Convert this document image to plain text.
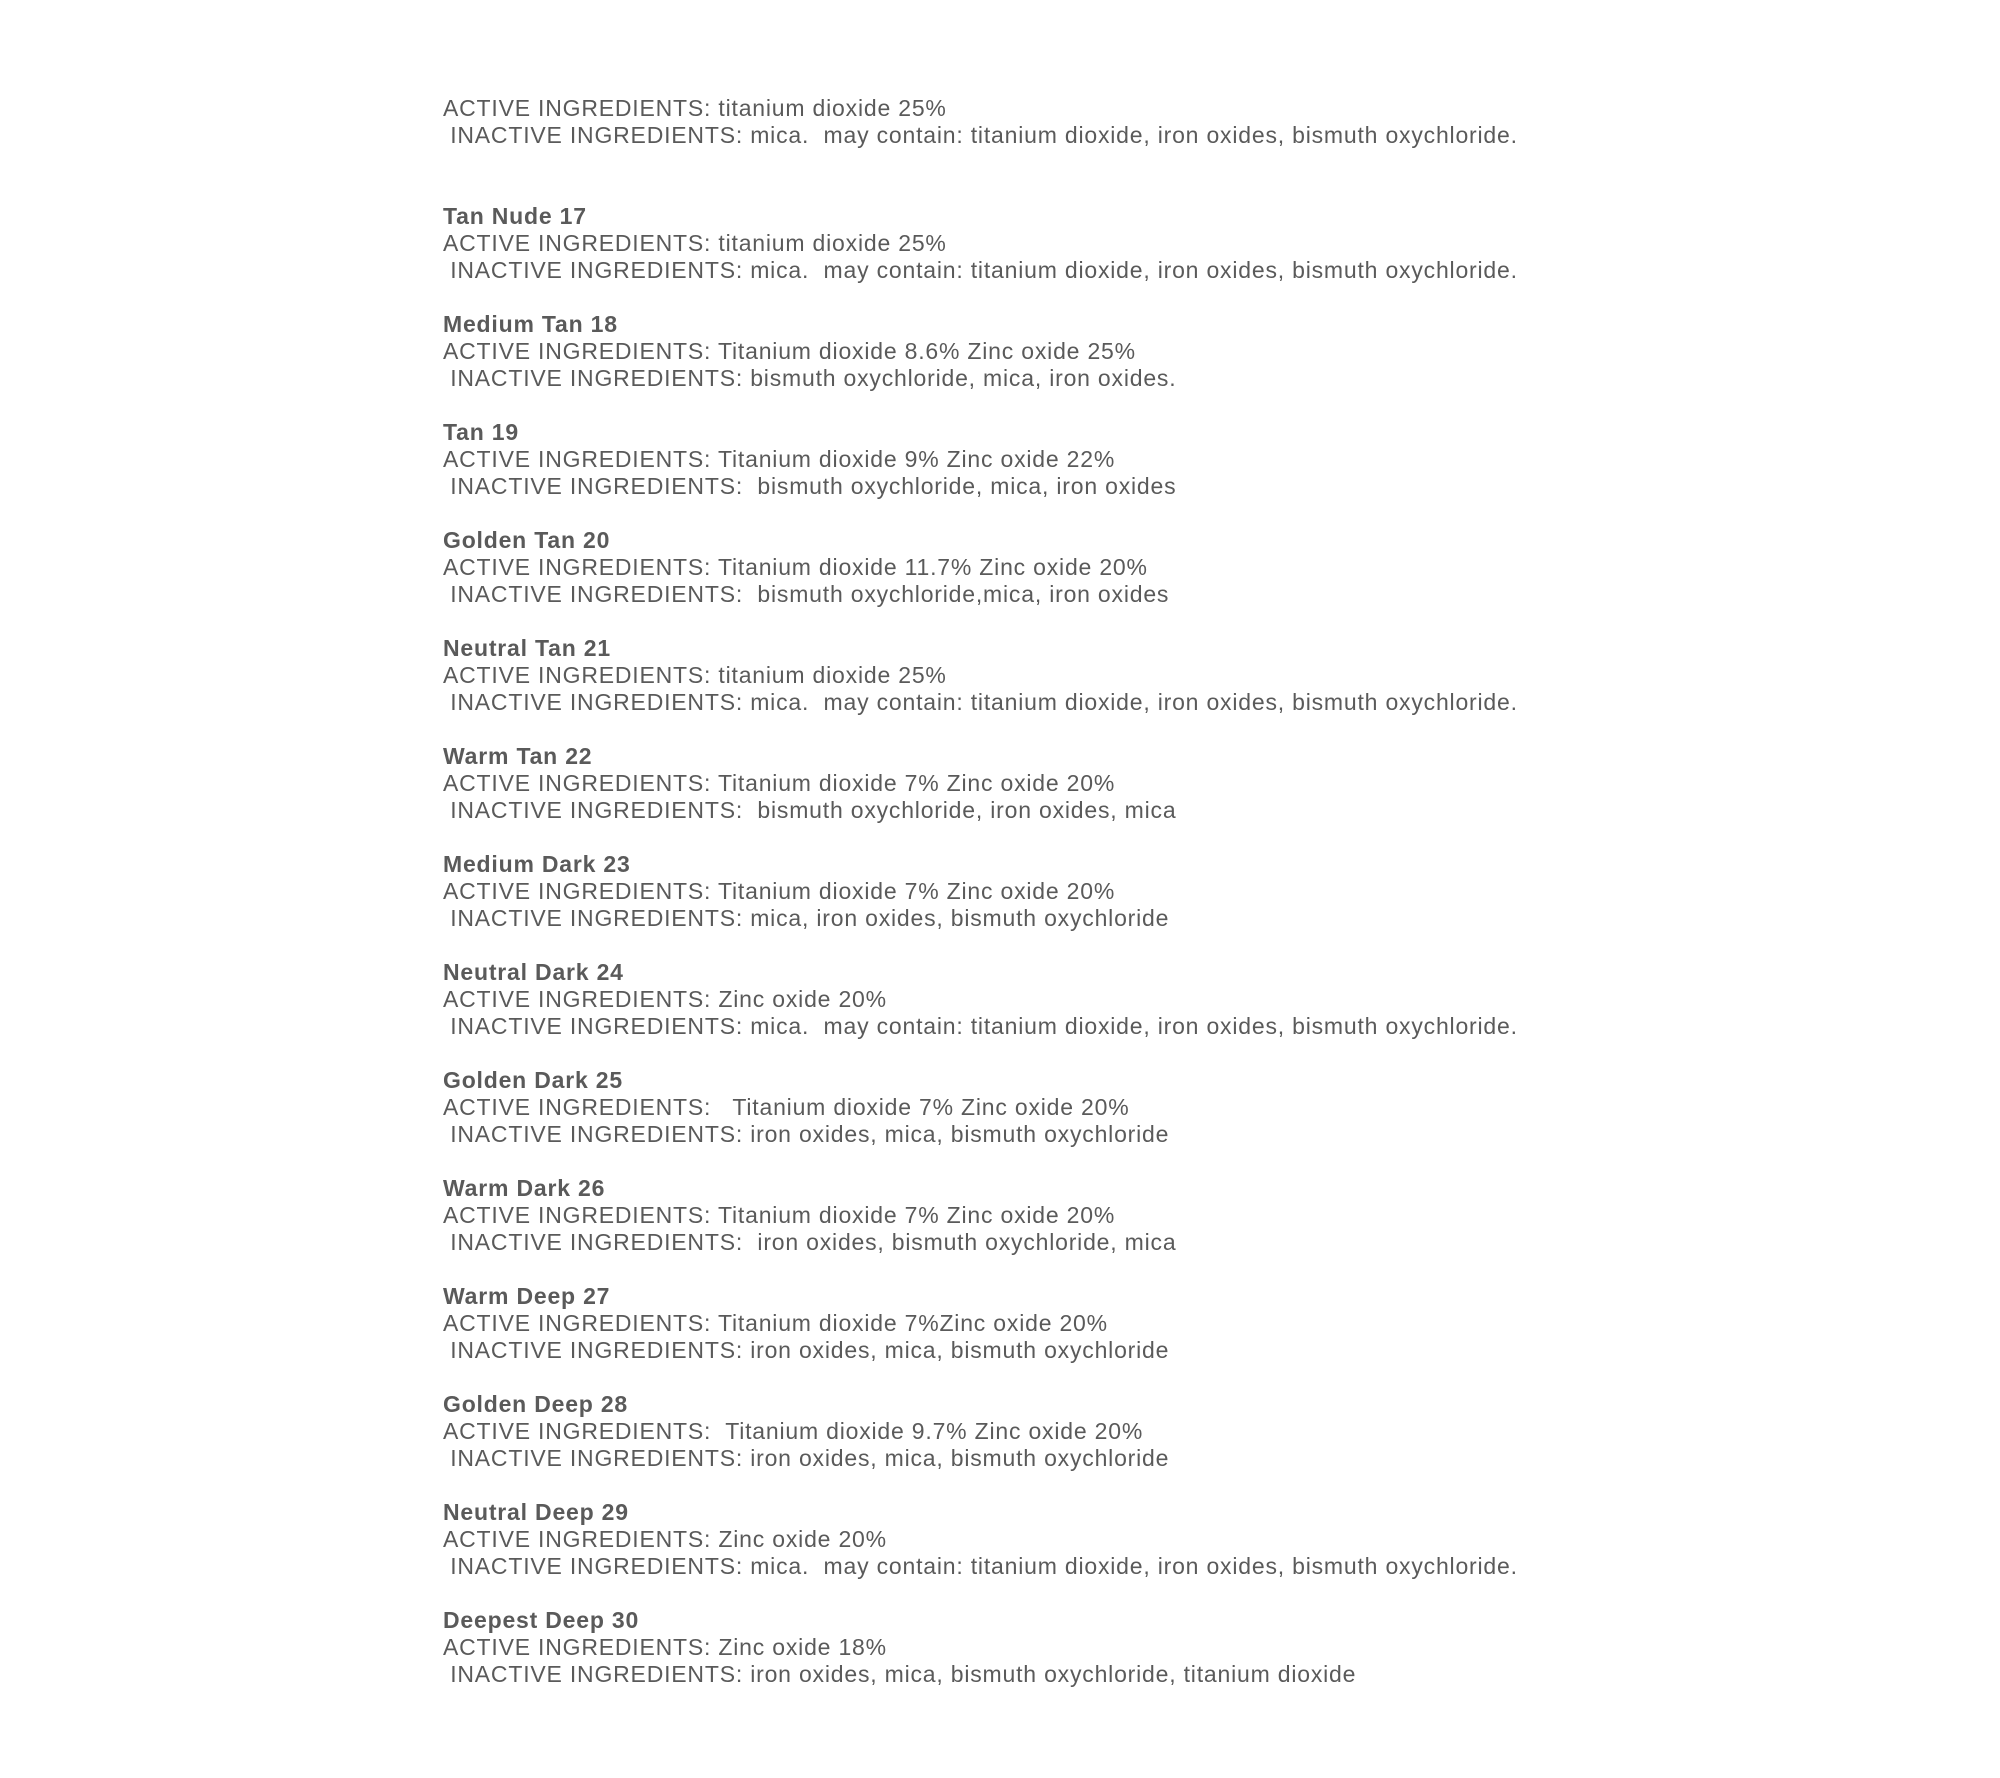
ACTIVE INGREDIENTS: titanium dioxide 25%
INACTIVE INGREDIENTS: mica.  may contain: titanium dioxide, iron oxides, bismuth oxychloride.
Tan Nude 17
ACTIVE INGREDIENTS: titanium dioxide 25%
INACTIVE INGREDIENTS: mica.  may contain: titanium dioxide, iron oxides, bismuth oxychloride.
Medium Tan 18
ACTIVE INGREDIENTS: Titanium dioxide 8.6% Zinc oxide 25%
INACTIVE INGREDIENTS: bismuth oxychloride, mica, iron oxides.
Tan 19
ACTIVE INGREDIENTS: Titanium dioxide 9% Zinc oxide 22%
INACTIVE INGREDIENTS:  bismuth oxychloride, mica, iron oxides
Golden Tan 20
ACTIVE INGREDIENTS: Titanium dioxide 11.7% Zinc oxide 20%
INACTIVE INGREDIENTS:  bismuth oxychloride,mica, iron oxides
Neutral Tan 21
ACTIVE INGREDIENTS: titanium dioxide 25%
INACTIVE INGREDIENTS: mica.  may contain: titanium dioxide, iron oxides, bismuth oxychloride.
Warm Tan 22
ACTIVE INGREDIENTS: Titanium dioxide 7% Zinc oxide 20%
INACTIVE INGREDIENTS:  bismuth oxychloride, iron oxides, mica
Medium Dark 23
ACTIVE INGREDIENTS: Titanium dioxide 7% Zinc oxide 20%
INACTIVE INGREDIENTS: mica, iron oxides, bismuth oxychloride
Neutral Dark 24
ACTIVE INGREDIENTS: Zinc oxide 20%
INACTIVE INGREDIENTS: mica.  may contain: titanium dioxide, iron oxides, bismuth oxychloride.
Golden Dark 25
ACTIVE INGREDIENTS:   Titanium dioxide 7% Zinc oxide 20%
INACTIVE INGREDIENTS: iron oxides, mica, bismuth oxychloride
Warm Dark 26
ACTIVE INGREDIENTS: Titanium dioxide 7% Zinc oxide 20%
INACTIVE INGREDIENTS:  iron oxides, bismuth oxychloride, mica
Warm Deep 27
ACTIVE INGREDIENTS: Titanium dioxide 7%Zinc oxide 20%
INACTIVE INGREDIENTS: iron oxides, mica, bismuth oxychloride
Golden Deep 28
ACTIVE INGREDIENTS:  Titanium dioxide 9.7% Zinc oxide 20%
INACTIVE INGREDIENTS: iron oxides, mica, bismuth oxychloride
Neutral Deep 29
ACTIVE INGREDIENTS: Zinc oxide 20%
INACTIVE INGREDIENTS: mica.  may contain: titanium dioxide, iron oxides, bismuth oxychloride.
Deepest Deep 30
ACTIVE INGREDIENTS: Zinc oxide 18%
INACTIVE INGREDIENTS: iron oxides, mica, bismuth oxychloride, titanium dioxide
